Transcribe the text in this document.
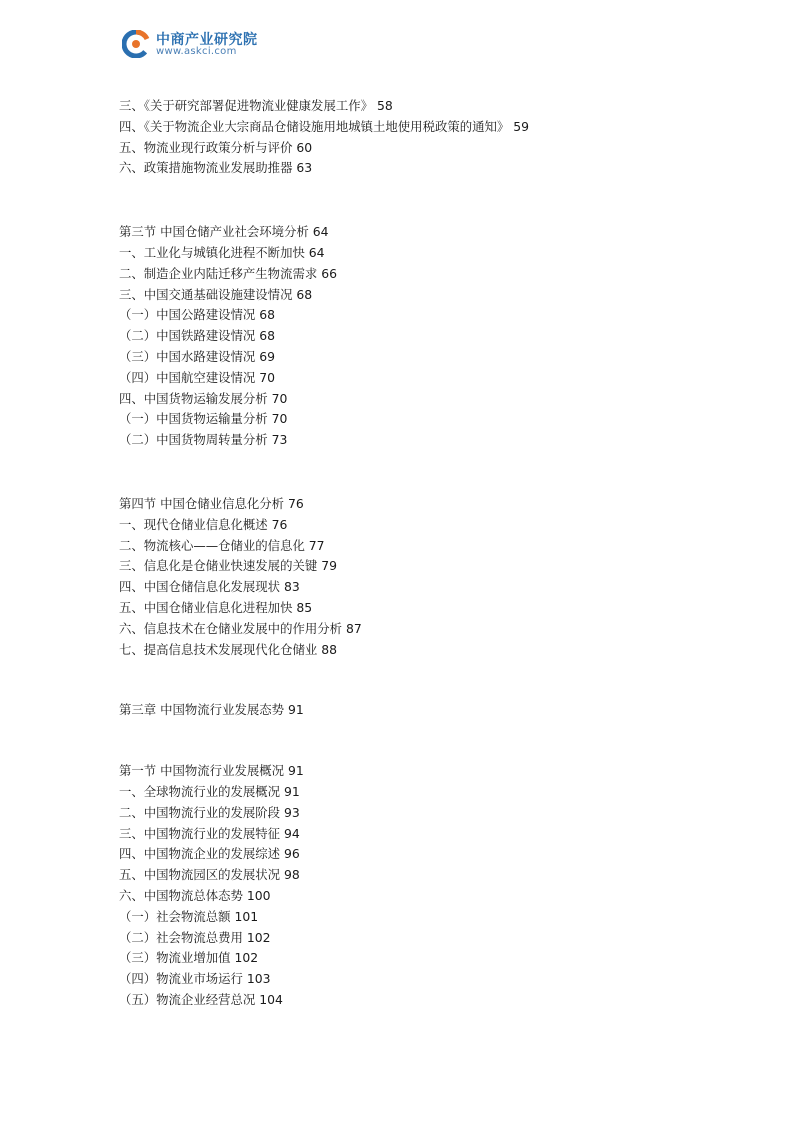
中商产业研究院
www.askci.com
三、《关于研究部署促进物流业健康发展工作》 58
四、《关于物流企业大宗商品仓储设施用地城镇土地使用税政策的通知》 59
五、物流业现行政策分析与评价 60
六、政策措施物流业发展助推器 63
第三节 中国仓储产业社会环境分析 64
一、工业化与城镇化进程不断加快 64
二、制造企业内陆迁移产生物流需求 66
三、中国交通基础设施建设情况 68
（一）中国公路建设情况 68
（二）中国铁路建设情况 68
（三）中国水路建设情况 69
（四）中国航空建设情况 70
四、中国货物运输发展分析 70
（一）中国货物运输量分析 70
（二）中国货物周转量分析 73
第四节 中国仓储业信息化分析 76
一、现代仓储业信息化概述 76
二、物流核心——仓储业的信息化 77
三、信息化是仓储业快速发展的关键 79
四、中国仓储信息化发展现状 83
五、中国仓储业信息化进程加快 85
六、信息技术在仓储业发展中的作用分析 87
七、提高信息技术发展现代化仓储业 88
第三章 中国物流行业发展态势 91
第一节 中国物流行业发展概况 91
一、全球物流行业的发展概况 91
二、中国物流行业的发展阶段 93
三、中国物流行业的发展特征 94
四、中国物流企业的发展综述 96
五、中国物流园区的发展状况 98
六、中国物流总体态势 100
（一）社会物流总额 101
（二）社会物流总费用 102
（三）物流业增加值 102
（四）物流业市场运行 103
（五）物流企业经营总况 104
